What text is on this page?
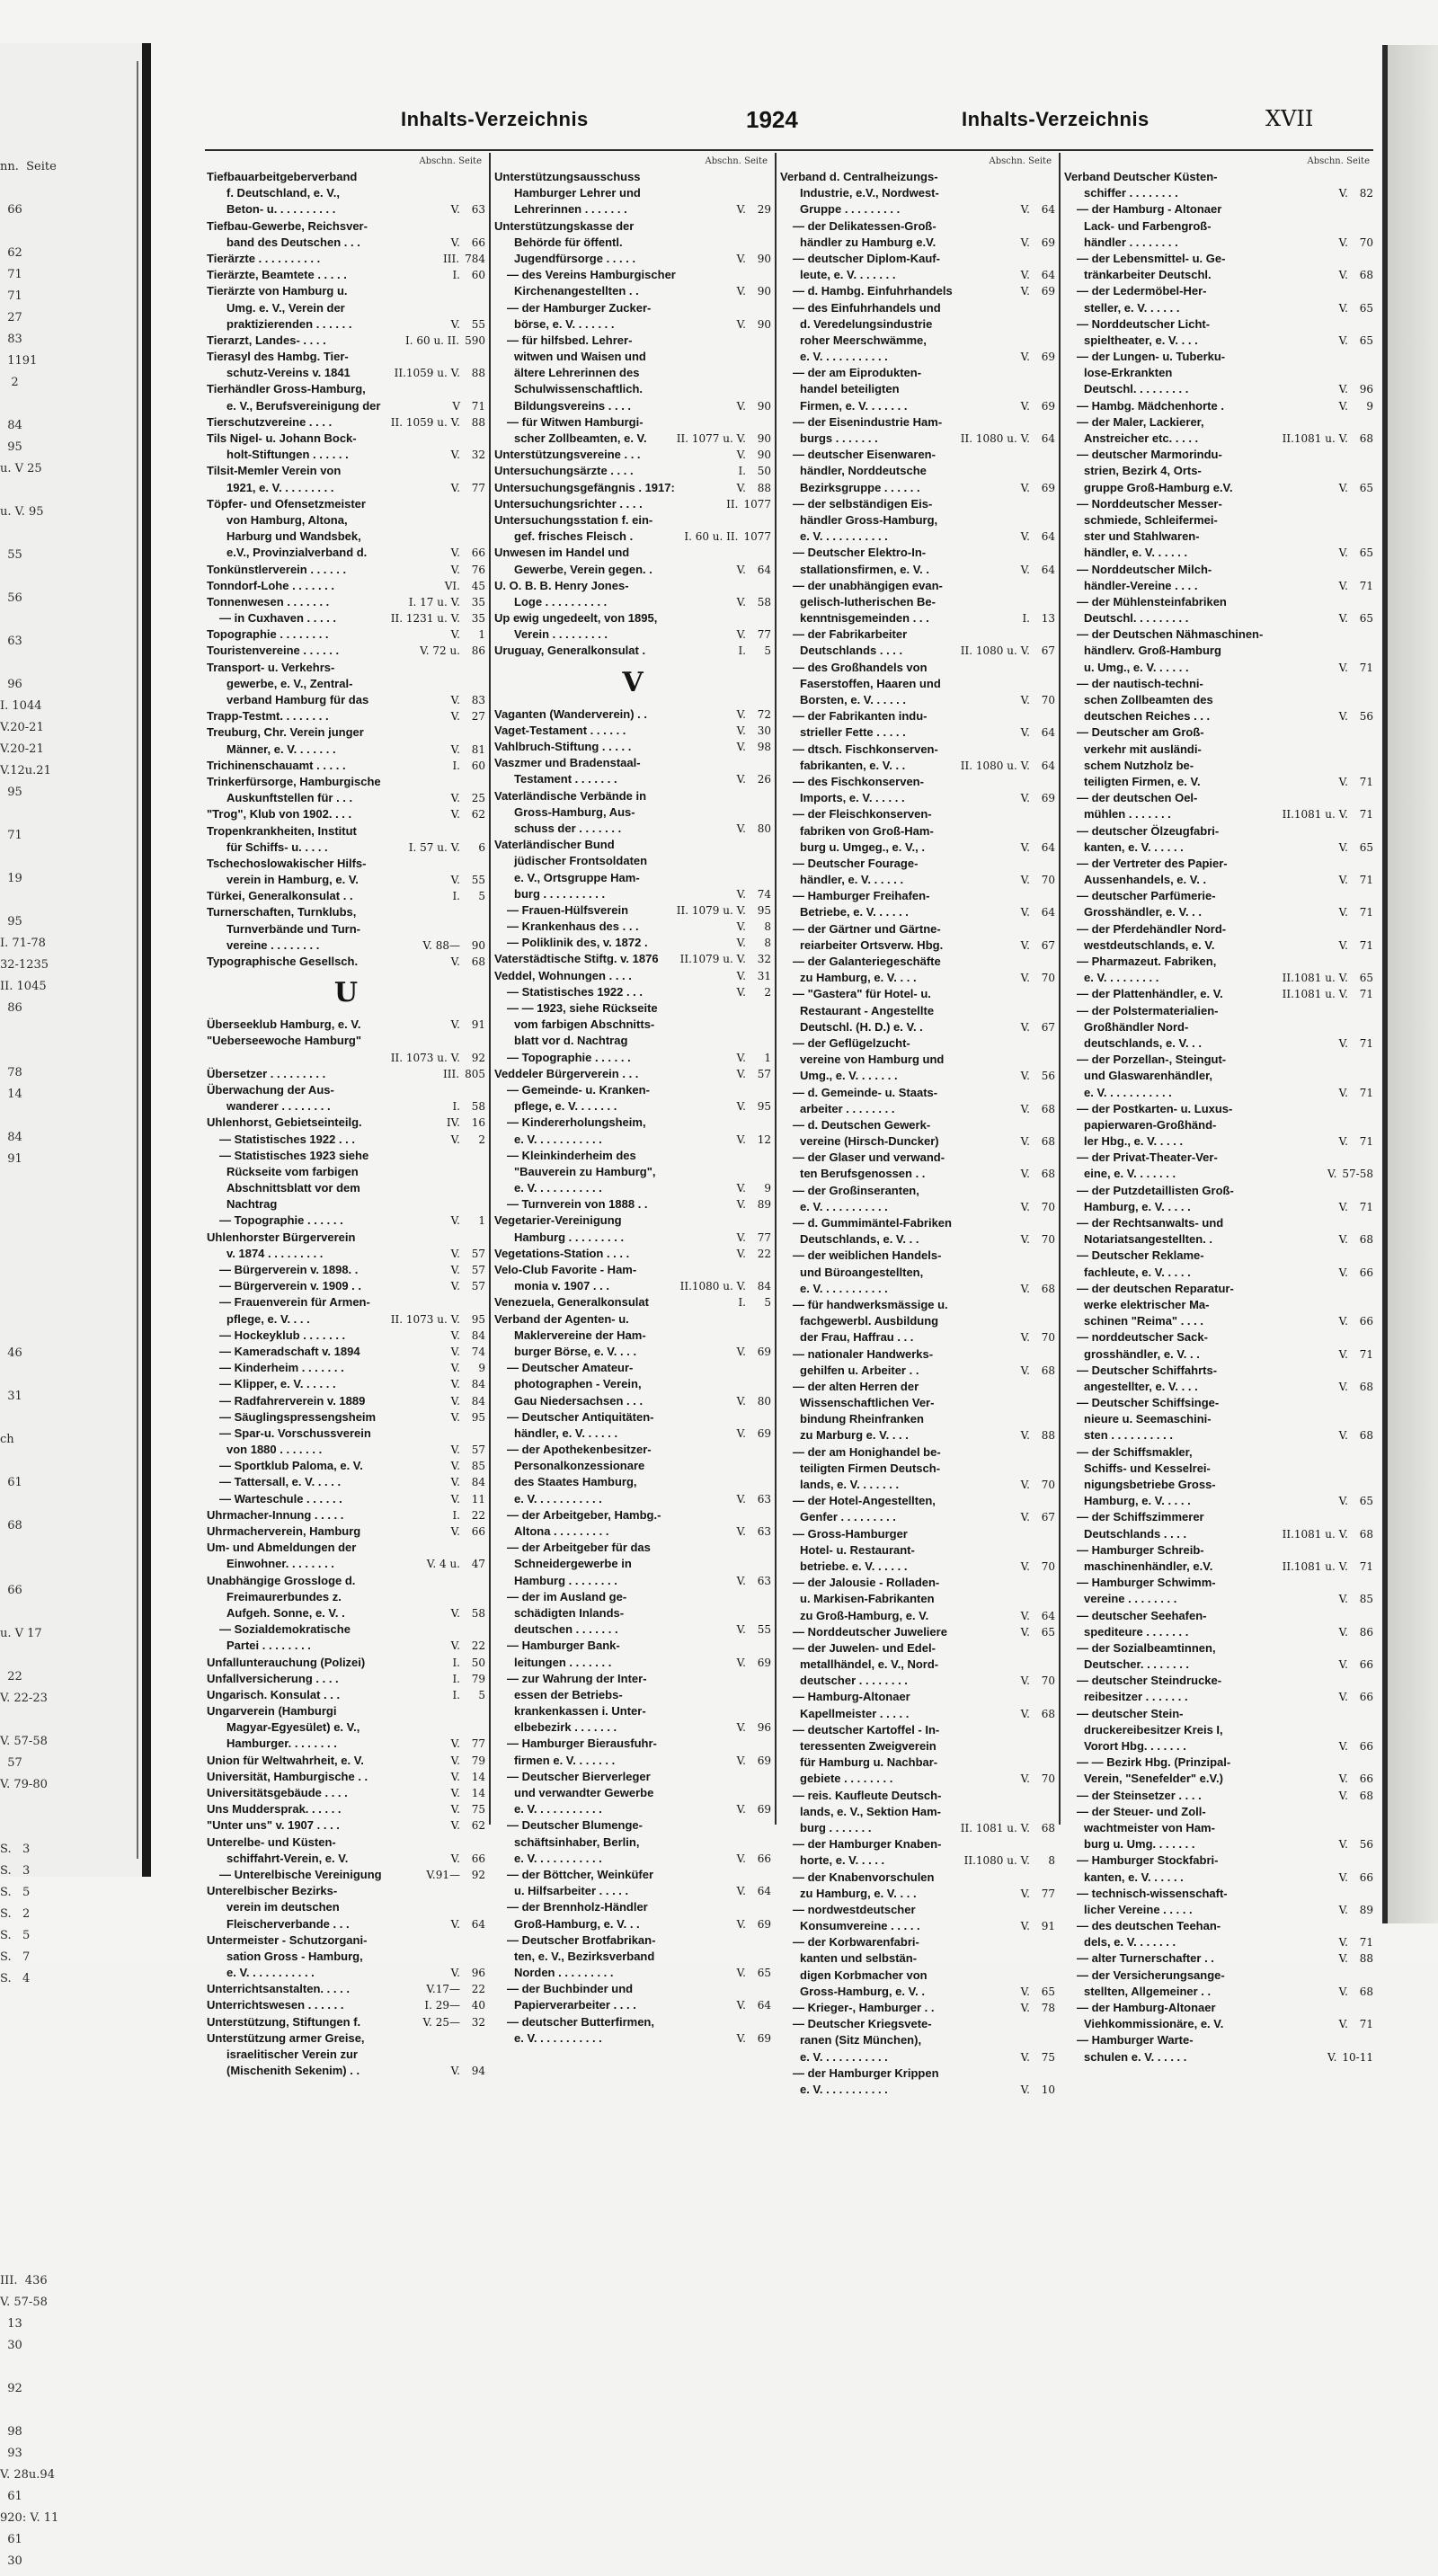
nn.  Seite
66
62
71
71
27
83
1191
2
84
95
u. V 25
u. V. 95
55
56
63
96
I. 1044
V.20-21
V.20-21
V.12u.21
95
71
19
95
I. 71-78
32-1235
II. 1045
86
78
14
84
91
46
31
ch
61
68
66
u. V 17
22
V. 22-23
V. 57-58
57
V. 79-80
S.   3
S.   3
S.   5
S.   2
S.   5
S.   7
S.   4
III.  436
V. 57-58
13
30
92
98
93
V. 28u.94
61
920: V. 11
61
30
Inhalts-Verzeichnis	1924	Inhalts-Verzeichnis	XVII
Abschn. Seite
Tiefbauarbeitgeberverband
f. Deutschland, e. V.,
Beton- u. . . . . . . . . .	V.	63
Tiefbau-Gewerbe, Reichsver-
band des Deutschen . . .	V.	66
Tierärzte . . . . . . . . . .	III. 784
Tierärzte, Beamtete . . . . .	I.	60
Tierärzte von Hamburg u.
Umg. e. V., Verein der
praktizierenden . . . . . .	V.	55
Tierarzt, Landes- . . . .	I. 60 u. II. 590
Tierasyl des Hambg. Tier-
schutz-Vereins v. 1841	II.1059 u. V.	88
Tierhändler Gross-Hamburg,
e. V., Berufsvereinigung der	V	71
Tierschutzvereine . . . .	II. 1059 u. V.	88
Tils Nigel- u. Johann Bock-
holt-Stiftungen . . . . . .	V.	32
Tilsit-Memler Verein von
1921, e. V. . . . . . . . .	V.	77
Töpfer- und Ofensetzmeister
von Hamburg, Altona,
Harburg und Wandsbek,
e.V., Provinzialverband d.	V.	66
Tonkünstlerverein . . . . . .	V.	76
Tonndorf-Lohe . . . . . . .	VI.	45
Tonnenwesen . . . . . . .	I. 17 u. V.	35
— in Cuxhaven . . . . .	II. 1231 u. V.	35
Topographie . . . . . . . .	V.	1
Touristenvereine . . . . . .	V. 72 u.	86
Transport- u. Verkehrs-
gewerbe, e. V., Zentral-
verband Hamburg für das	V.	83
Trapp-Testmt. . . . . . . .	V.	27
Treuburg, Chr. Verein junger
Männer, e. V. . . . . . .	V.	81
Trichinenschauamt . . . . .	I.	60
Trinkerfürsorge, Hamburgische
Auskunftstellen für . . .	V.	25
"Trog", Klub von 1902. . . .	V.	62
Tropenkrankheiten, Institut
für Schiffs- u. . . . .	I. 57 u. V.	6
Tschechoslowakischer Hilfs-
verein in Hamburg, e. V.	V.	55
Türkei, Generalkonsulat . .	I.	5
Turnerschaften, Turnklubs,
Turnverbände und Turn-
vereine . . . . . . . .	V. 88—	90
Typographische Gesellsch.	V.	68
U
Überseeklub Hamburg, e. V.	V.	91
"Ueberseewoche Hamburg"
II. 1073 u. V.	92
Übersetzer . . . . . . . . .	III. 805
Überwachung der Aus-
wanderer . . . . . . . .	I.	58
Uhlenhorst, Gebietseinteilg.	IV.	16
— Statistisches 1922 . . .	V.	2
— Statistisches 1923 siehe
Rückseite vom farbigen
Abschnittsblatt vor dem
Nachtrag
— Topographie . . . . . .	V.	1
Uhlenhorster Bürgerverein
v. 1874 . . . . . . . . .	V.	57
— Bürgerverein v. 1898. .	V.	57
— Bürgerverein v. 1909 . .	V.	57
— Frauenverein für Armen-
pflege, e. V. . . .	II. 1073 u. V.	95
— Hockeyklub . . . . . . .	V.	84
— Kameradschaft v. 1894	V.	74
— Kinderheim . . . . . . .	V.	9
— Klipper, e. V. . . . . .	V.	84
— Radfahrerverein v. 1889	V.	84
— Säuglingspressengsheim	V.	95
— Spar-u. Vorschussverein
von 1880 . . . . . . .	V.	57
— Sportklub Paloma, e. V.	V.	85
— Tattersall, e. V. . . . .	V.	84
— Warteschule . . . . . .	V.	11
Uhrmacher-Innung . . . . .	I.	22
Uhrmacherverein, Hamburg	V.	66
Um- und Abmeldungen der
Einwohner. . . . . . . .	V. 4 u.	47
Unabhängige Grossloge d.
Freimaurerbundes z.
Aufgeh. Sonne, e. V. .	V.	58
— Sozialdemokratische
Partei . . . . . . . .	V.	22
Unfallunterauchung (Polizei)	I.	50
Unfallversicherung . . . .	I.	79
Ungarisch. Konsulat . . .	I.	5
Ungarverein (Hamburgi
Magyar-Egyesület) e. V.,
Hamburger. . . . . . . .	V.	77
Union für Weltwahrheit, e. V.	V.	79
Universität, Hamburgische . .	V.	14
Universitätsgebäude . . . .	V.	14
Uns Muddersprak. . . . . .	V.	75
"Unter uns" v. 1907 . . . .	V.	62
Unterelbe- und Küsten-
schiffahrt-Verein, e. V.	V.	66
— Unterelbische Vereinigung	V.91—	92
Unterelbischer Bezirks-
verein im deutschen
Fleischerverbande . . .	V.	64
Untermeister - Schutzorgani-
sation Gross - Hamburg,
e. V. . . . . . . . . . .	V.	96
Unterrichtsanstalten. . . . .	V.17—	22
Unterrichtswesen . . . . . .	I. 29—	40
Unterstützung, Stiftungen f.	V. 25—	32
Unterstützung armer Greise,
israelitischer Verein zur
(Mischenith Sekenim) . .	V.	94
Abschn. Seite
Unterstützungsausschuss
Hamburger Lehrer und
Lehrerinnen . . . . . . .	V.	29
Unterstützungskasse der
Behörde für öffentl.
Jugendfürsorge . . . . .	V.	90
— des Vereins Hamburgischer
Kirchenangestellten . .	V.	90
— der Hamburger Zucker-
börse, e. V. . . . . . .	V.	90
— für hilfsbed. Lehrer-
witwen und Waisen und
ältere Lehrerinnen des
Schulwissenschaftlich.
Bildungsvereins . . . .	V.	90
— für Witwen Hamburgi-
scher Zollbeamten, e. V.	II. 1077 u. V.	90
Unterstützungsvereine . . .	V.	90
Untersuchungsärzte . . . .	I.	50
Untersuchungsgefängnis . 1917:	V.	88
Untersuchungsrichter . . . .	II. 1077
Untersuchungsstation f. ein-
gef. frisches Fleisch .	I. 60 u. II. 1077
Unwesen im Handel und
Gewerbe, Verein gegen. .	V.	64
U. O. B. B. Henry Jones-
Loge . . . . . . . . . .	V.	58
Up ewig ungedeelt, von 1895,
Verein . . . . . . . . .	V.	77
Uruguay, Generalkonsulat .	I.	5
V
Vaganten (Wanderverein) . .	V.	72
Vaget-Testament . . . . . .	V.	30
Vahlbruch-Stiftung . . . . .	V.	98
Vaszmer und Bradenstaal-
Testament . . . . . . .	V.	26
Vaterländische Verbände in
Gross-Hamburg, Aus-
schuss der . . . . . . .	V.	80
Vaterländischer Bund
jüdischer Frontsoldaten
e. V., Ortsgruppe Ham-
burg . . . . . . . . . .	V.	74
— Frauen-Hülfsverein	II. 1079 u. V.	95
— Krankenhaus des . . .	V.	8
— Poliklinik des, v. 1872 .	V.	8
Vaterstädtische Stiftg. v. 1876	II.1079 u. V.	32
Veddel, Wohnungen . . . .	V.	31
— Statistisches 1922 . . .	V.	2
— — 1923, siehe Rückseite
vom farbigen Abschnitts-
blatt vor d. Nachtrag
— Topographie . . . . . .	V.	1
Veddeler Bürgerverein . . .	V.	57
— Gemeinde- u. Kranken-
pflege, e. V. . . . . . .	V.	95
— Kindererholungsheim,
e. V. . . . . . . . . . .	V.	12
— Kleinkinderheim des
"Bauverein zu Hamburg",
e. V. . . . . . . . . . .	V.	9
— Turnverein von 1888 . .	V.	89
Vegetarier-Vereinigung
Hamburg . . . . . . . . .	V.	77
Vegetations-Station . . . .	V.	22
Velo-Club Favorite - Ham-
monia v. 1907 . . .	II.1080 u. V.	84
Venezuela, Generalkonsulat	I.	5
Verband der Agenten- u.
Maklervereine der Ham-
burger Börse, e. V. . . .	V.	69
— Deutscher Amateur-
photographen - Verein,
Gau Niedersachsen . . .	V.	80
— Deutscher Antiquitäten-
händler, e. V. . . . . .	V.	69
— der Apothekenbesitzer-
Personalkonzessionare
des Staates Hamburg,
e. V. . . . . . . . . . .	V.	63
— der Arbeitgeber, Hambg.-
Altona . . . . . . . . .	V.	63
— der Arbeitgeber für das
Schneidergewerbe in
Hamburg . . . . . . . .	V.	63
— der im Ausland ge-
schädigten Inlands-
deutschen . . . . . . .	V.	55
— Hamburger Bank-
leitungen . . . . . . .	V.	69
— zur Wahrung der Inter-
essen der Betriebs-
krankenkassen i. Unter-
elbebezirk . . . . . . .	V.	96
— Hamburger Bierausfuhr-
firmen e. V. . . . . . .	V.	69
— Deutscher Bierverleger
und verwandter Gewerbe
e. V. . . . . . . . . . .	V.	69
— Deutscher Blumenge-
schäftsinhaber, Berlin,
e. V. . . . . . . . . . .	V.	66
— der Böttcher, Weinküfer
u. Hilfsarbeiter . . . . .	V.	64
— der Brennholz-Händler
Groß-Hamburg, e. V. . .	V.	69
— Deutscher Brotfabrikan-
ten, e. V., Bezirksverband
Norden . . . . . . . . .	V.	65
— der Buchbinder und
Papierverarbeiter . . . .	V.	64
— deutscher Butterfirmen,
e. V. . . . . . . . . . .	V.	69
Abschn. Seite
Verband d. Centralheizungs-
Industrie, e.V., Nordwest-
Gruppe . . . . . . . . .	V.	64
— der Delikatessen-Groß-
händler zu Hamburg e.V.	V.	69
— deutscher Diplom-Kauf-
leute, e. V. . . . . . .	V.	64
— d. Hambg. Einfuhrhandels	V.	69
— des Einfuhrhandels und
d. Veredelungsindustrie
roher Meerschwämme,
e. V. . . . . . . . . . .	V.	69
— der am Eiprodukten-
handel beteiligten
Firmen, e. V. . . . . . .	V.	69
— der Eisenindustrie Ham-
burgs . . . . . . .	II. 1080 u. V.	64
— deutscher Eisenwaren-
händler, Norddeutsche
Bezirksgruppe . . . . . .	V.	69
— der selbständigen Eis-
händler Gross-Hamburg,
e. V. . . . . . . . . . .	V.	64
— Deutscher Elektro-In-
stallationsfirmen, e. V. .	V.	64
— der unabhängigen evan-
gelisch-lutherischen Be-
kenntnisgemeinden . . .	I.	13
— der Fabrikarbeiter
Deutschlands . . . .	II. 1080 u. V.	67
— des Großhandels von
Faserstoffen, Haaren und
Borsten, e. V. . . . . .	V.	70
— der Fabrikanten indu-
strieller Fette . . . . .	V.	64
— dtsch. Fischkonserven-
fabrikanten, e. V. . .	II. 1080 u. V.	64
— des Fischkonserven-
Imports, e. V. . . . . .	V.	69
— der Fleischkonserven-
fabriken von Groß-Ham-
burg u. Umgeg., e. V., .	V.	64
— Deutscher Fourage-
händler, e. V. . . . . .	V.	70
— Hamburger Freihafen-
Betriebe, e. V. . . . . .	V.	64
— der Gärtner und Gärtne-
reiarbeiter Ortsverw. Hbg.	V.	67
— der Galanteriegeschäfte
zu Hamburg, e. V. . . .	V.	70
— "Gastera" für Hotel- u.
Restaurant - Angestellte
Deutschl. (H. D.) e. V. .	V.	67
— der Geflügelzucht-
vereine von Hamburg und
Umg., e. V. . . . . . .	V.	56
— d. Gemeinde- u. Staats-
arbeiter . . . . . . . .	V.	68
— d. Deutschen Gewerk-
vereine (Hirsch-Duncker)	V.	68
— der Glaser und verwand-
ten Berufsgenossen . .	V.	68
— der Großinseranten,
e. V. . . . . . . . . . .	V.	70
— d. Gummimäntel-Fabriken
Deutschlands, e. V. . .	V.	70
— der weiblichen Handels-
und Büroangestellten,
e. V. . . . . . . . . . .	V.	68
— für handwerksmässige u.
fachgewerbl. Ausbildung
der Frau, Haffrau . . .	V.	70
— nationaler Handwerks-
gehilfen u. Arbeiter . .	V.	68
— der alten Herren der
Wissenschaftlichen Ver-
bindung Rheinfranken
zu Marburg e. V. . . .	V.	88
— der am Honighandel be-
teiligten Firmen Deutsch-
lands, e. V. . . . . . .	V.	70
— der Hotel-Angestellten,
Genfer . . . . . . . . .	V.	67
— Gross-Hamburger
Hotel- u. Restaurant-
betriebe. e. V. . . . . .	V.	70
— der Jalousie - Rolladen-
u. Markisen-Fabrikanten
zu Groß-Hamburg, e. V.	V.	64
— Norddeutscher Juweliere	V.	65
— der Juwelen- und Edel-
metallhändel, e. V., Nord-
deutscher . . . . . . . .	V.	70
— Hamburg-Altonaer
Kapellmeister . . . . .	V.	68
— deutscher Kartoffel - In-
teressenten Zweigverein
für Hamburg u. Nachbar-
gebiete . . . . . . . .	V.	70
— reis. Kaufleute Deutsch-
lands, e. V., Sektion Ham-
burg . . . . . . .	II. 1081 u. V.	68
— der Hamburger Knaben-
horte, e. V. . . . .	II.1080 u. V.	8
— der Knabenvorschulen
zu Hamburg, e. V. . . .	V.	77
— nordwestdeutscher
Konsumvereine . . . . .	V.	91
— der Korbwarenfabri-
kanten und selbstän-
digen Korbmacher von
Gross-Hamburg, e. V. .	V.	65
— Krieger-, Hamburger . .	V.	78
— Deutscher Kriegsvete-
ranen (Sitz München),
e. V. . . . . . . . . . .	V.	75
— der Hamburger Krippen
e. V. . . . . . . . . . .	V.	10
Abschn. Seite
Verband Deutscher Küsten-
schiffer . . . . . . . .	V.	82
— der Hamburg - Altonaer
Lack- und Farbengroß-
händler . . . . . . . .	V.	70
— der Lebensmittel- u. Ge-
tränkarbeiter Deutschl.	V.	68
— der Ledermöbel-Her-
steller, e. V. . . . . .	V.	65
— Norddeutscher Licht-
spieltheater, e. V. . . .	V.	65
— der Lungen- u. Tuberku-
lose-Erkrankten
Deutschl. . . . . . . . .	V.	96
— Hambg. Mädchenhorte .	V.	9
— der Maler, Lackierer,
Anstreicher etc. . . . .	II.1081 u. V.	68
— deutscher Marmorindu-
strien, Bezirk 4, Orts-
gruppe Groß-Hamburg e.V.	V.	65
— Norddeutscher Messer-
schmiede, Schleifermei-
ster und Stahlwaren-
händler, e. V. . . . . .	V.	65
— Norddeutscher Milch-
händler-Vereine . . . .	V.	71
— der Mühlensteinfabriken
Deutschl. . . . . . . . .	V.	65
— der Deutschen Nähmaschinen-
händlerv. Groß-Hamburg
u. Umg., e. V. . . . . .	V.	71
— der nautisch-techni-
schen Zollbeamten des
deutschen Reiches . . .	V.	56
— Deutscher am Groß-
verkehr mit ausländi-
schem Nutzholz be-
teiligten Firmen, e. V.	V.	71
— der deutschen Oel-
mühlen . . . . . . .	II.1081 u. V.	71
— deutscher Ölzeugfabri-
kanten, e. V. . . . . .	V.	65
— der Vertreter des Papier-
Aussenhandels, e. V. .	V.	71
— deutscher Parfümerie-
Grosshändler, e. V. . .	V.	71
— der Pferdehändler Nord-
westdeutschlands, e. V.	V.	71
— Pharmazeut. Fabriken,
e. V. . . . . . . . .	II.1081 u. V.	65
— der Plattenhändler, e. V.	II.1081 u. V.	71
— der Polstermaterialien-
Großhändler Nord-
deutschlands, e. V. . .	V.	71
— der Porzellan-, Steingut-
und Glaswarenhändler,
e. V. . . . . . . . . . .	V.	71
— der Postkarten- u. Luxus-
papierwaren-Großhänd-
ler Hbg., e. V. . . . .	V.	71
— der Privat-Theater-Ver-
eine, e. V. . . . . . .	V. 57-58
— der Putzdetaillisten Groß-
Hamburg, e. V. . . . .	V.	71
— der Rechtsanwalts- und
Notariatsangestellten. .	V.	68
— Deutscher Reklame-
fachleute, e. V. . . . .	V.	66
— der deutschen Reparatur-
werke elektrischer Ma-
schinen "Reima" . . . .	V.	66
— norddeutscher Sack-
grosshändler, e. V. . .	V.	71
— Deutscher Schiffahrts-
angestellter, e. V. . . .	V.	68
— Deutscher Schiffsinge-
nieure u. Seemaschini-
sten . . . . . . . . . .	V.	68
— der Schiffsmakler,
Schiffs- und Kesselrei-
nigungsbetriebe Gross-
Hamburg, e. V. . . . .	V.	65
— der Schiffszimmerer
Deutschlands . . . .	II.1081 u. V.	68
— Hamburger Schreib-
maschinenhändler, e.V.	II.1081 u. V.	71
— Hamburger Schwimm-
vereine . . . . . . . .	V.	85
— deutscher Seehafen-
spediteure . . . . . . .	V.	86
— der Sozialbeamtinnen,
Deutscher. . . . . . . .	V.	66
— deutscher Steindrucke-
reibesitzer . . . . . . .	V.	66
— deutscher Stein-
druckereibesitzer Kreis I,
Vorort Hbg. . . . . . .	V.	66
— — Bezirk Hbg. (Prinzipal-
Verein, "Senefelder" e.V.)	V.	66
— der Steinsetzer . . . .	V.	68
— der Steuer- und Zoll-
wachtmeister von Ham-
burg u. Umg. . . . . . .	V.	56
— Hamburger Stockfabri-
kanten, e. V. . . . . .	V.	66
— technisch-wissenschaft-
licher Vereine . . . . .	V.	89
— des deutschen Teehan-
dels, e. V. . . . . . .	V.	71
— alter Turnerschafter . .	V.	88
— der Versicherungsange-
stellten, Allgemeiner . .	V.	68
— der Hamburg-Altonaer
Viehkommissionäre, e. V.	V.	71
— Hamburger Warte-
schulen e. V. . . . . .	V. 10-11
